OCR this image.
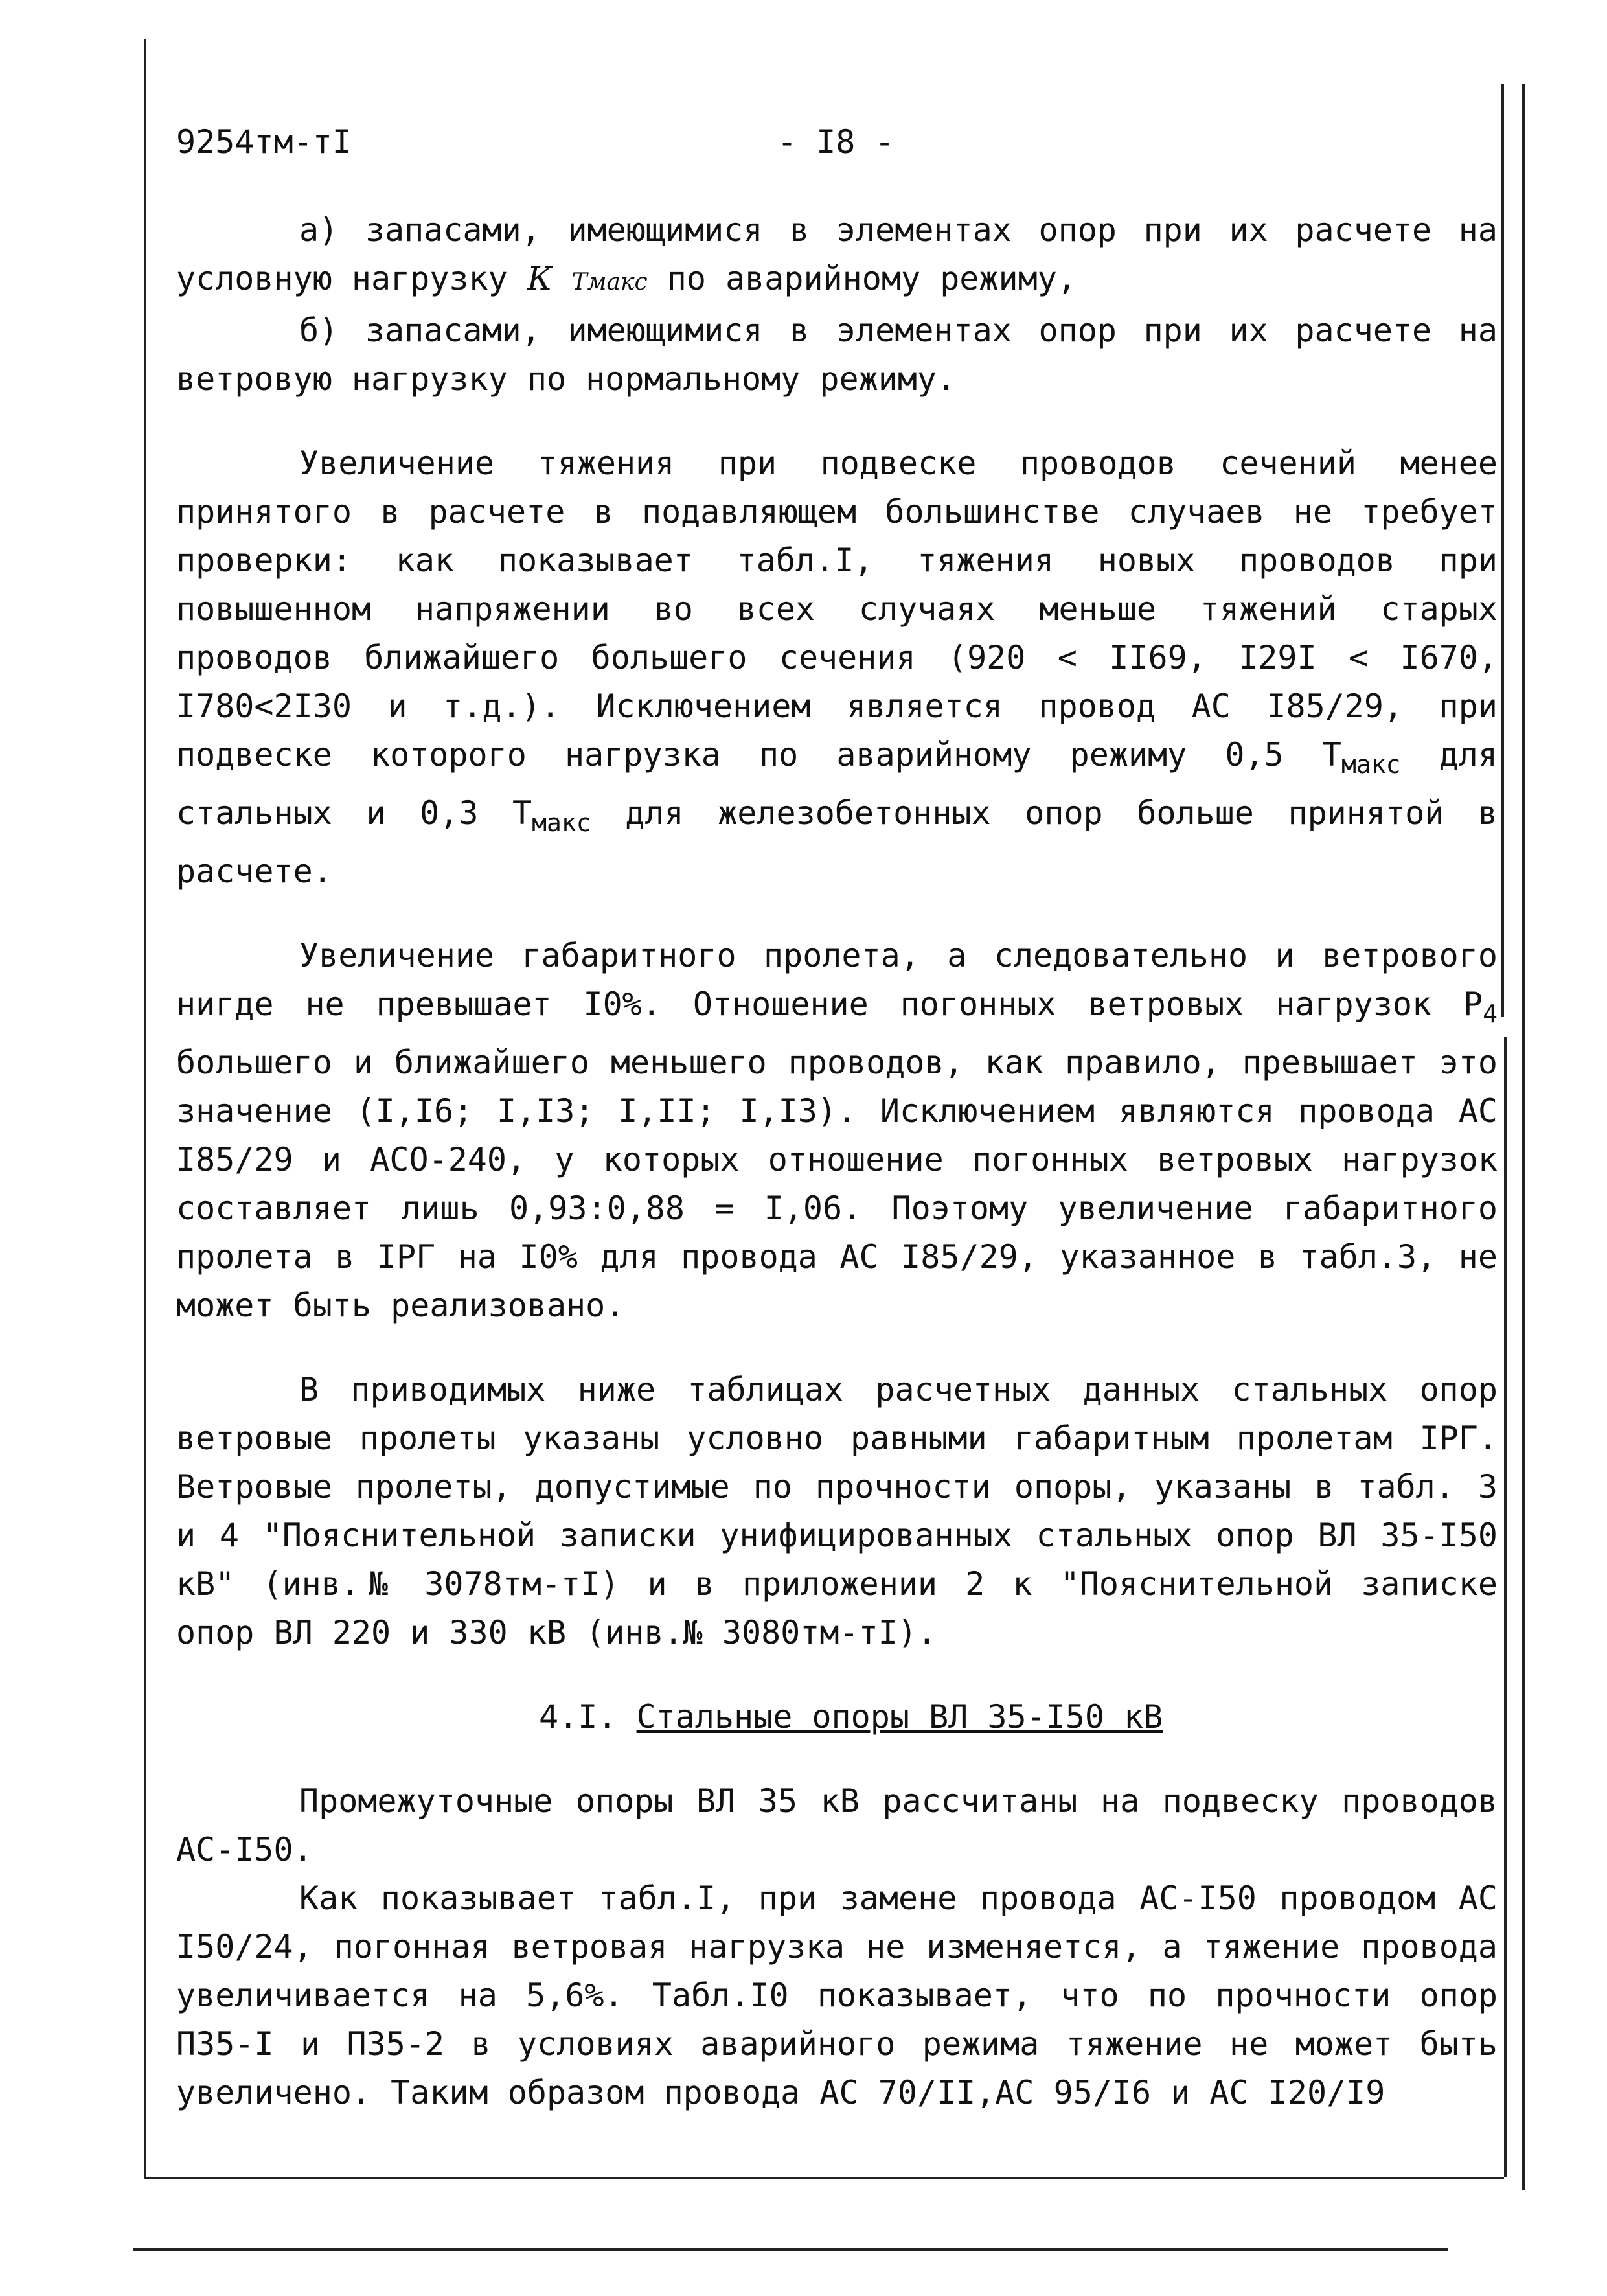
9254тм-тI	- I8 -

а) запасами, имеющимися в элементах опор при их расчете на условную нагрузку К Тмакс по аварийному режиму,

б) запасами, имеющимися в элементах опор при их расчете на ветровую нагрузку по нормальному режиму.

Увеличение тяжения при подвеске проводов сечений менее принятого в расчете в подавляющем большинстве случаев не требует проверки: как показывает табл.I, тяжения новых проводов при повышенном напряжении во всех случаях меньше тяжений старых проводов ближайшего большего сечения (920 < II69, I29I < I670, I780<2I30 и т.д.). Исключением является провод АС I85/29, при подвеске которого нагрузка по аварийному режиму 0,5 $Т_{макс}$ для стальных и 0,3 $Т_{макс}$ для железобетонных опор больше принятой в расчете.

Увеличение габаритного пролета, а следовательно и ветрового нигде не превышает I0%. Отношение погонных ветровых нагрузок $Р_4$ большего и ближайшего меньшего проводов, как правило, превышает это значение (I,I6; I,I3; I,II; I,I3). Исключением являются провода АС I85/29 и АСО-240, у которых отношение погонных ветровых нагрузок составляет лишь 0,93:0,88 = I,06. Поэтому увеличение габаритного пролета в IРГ на I0% для провода АС I85/29, указанное в табл.3, не может быть реализовано.

В приводимых ниже таблицах расчетных данных стальных опор ветровые пролеты указаны условно равными габаритным пролетам IРГ. Ветровые пролеты, допустимые по прочности опоры, указаны в табл. 3 и 4 "Пояснительной записки унифицированных стальных опор ВЛ 35-I50 кВ" (инв.№ 3078тм-тI) и в приложении 2 к "Пояснительной записке опор ВЛ 220 и 330 кВ (инв.№ 3080тм-тI).

4.I. Стальные опоры ВЛ 35-I50 кВ

Промежуточные опоры ВЛ 35 кВ рассчитаны на подвеску проводов АС-I50.

Как показывает табл.I, при замене провода АС-I50 проводом АС I50/24, погонная ветровая нагрузка не изменяется, а тяжение провода увеличивается на 5,6%. Табл.I0 показывает, что по прочности опор П35-I и П35-2 в условиях аварийного режима тяжение не может быть увеличено. Таким образом провода АС 70/II,АС 95/I6 и АС I20/I9
